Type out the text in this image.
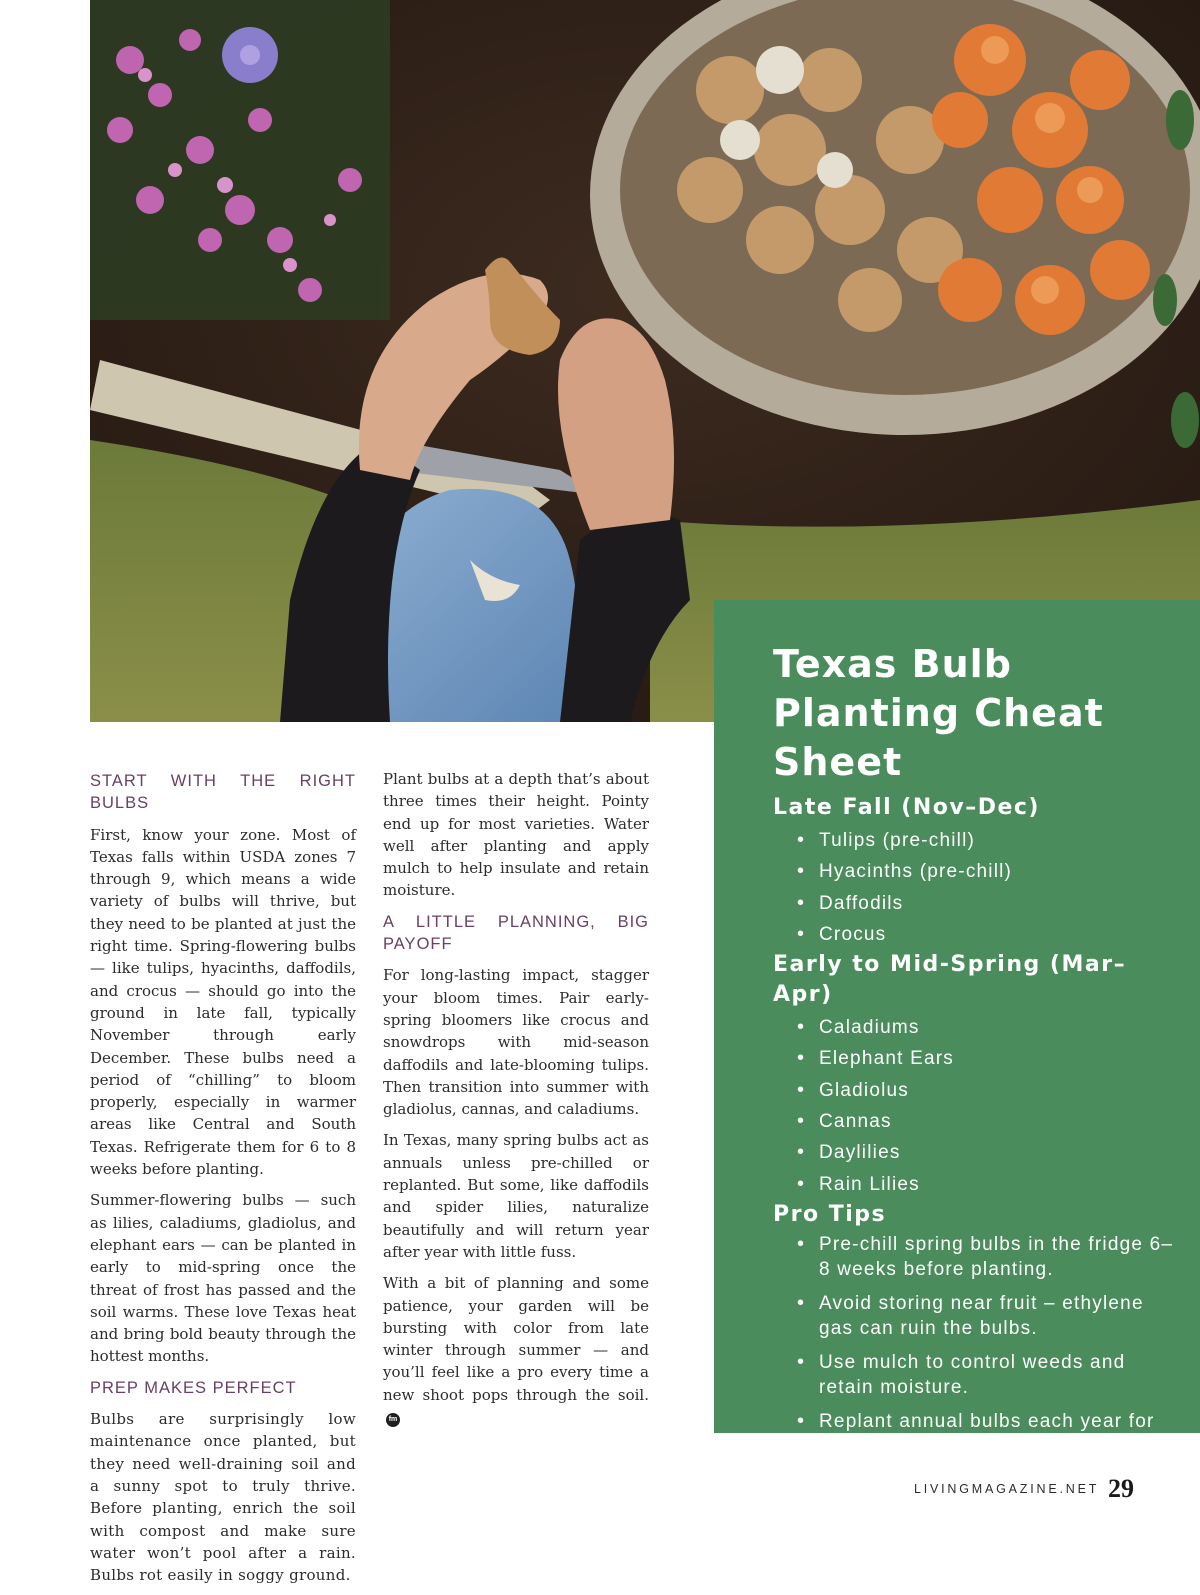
Texas Bulb Planting Cheat Sheet
Late Fall (Nov–Dec)
• Tulips (pre-chill)
• Hyacinths (pre-chill)
• Daffodils
• Crocus
Early to Mid-Spring (Mar–Apr)
• Caladiums
• Elephant Ears
• Gladiolus
• Cannas
• Daylilies
• Rain Lilies
Pro Tips
• Pre-chill spring bulbs in the fridge 6–8 weeks before planting.
• Avoid storing near fruit – ethylene gas can ruin the bulbs.
• Use mulch to control weeds and retain moisture.
• Replant annual bulbs each year for best blooms.
START WITH THE RIGHT BULBS

First, know your zone. Most of Texas falls within USDA zones 7 through 9, which means a wide variety of bulbs will thrive, but they need to be planted at just the right time. Spring-flowering bulbs — like tulips, hyacinths, daffodils, and crocus — should go into the ground in late fall, typically November through early December. These bulbs need a period of “chilling” to bloom properly, especially in warmer areas like Central and South Texas. Refrigerate them for 6 to 8 weeks before planting.

Summer-flowering bulbs — such as lilies, caladiums, gladiolus, and elephant ears — can be planted in early to mid-spring once the threat of frost has passed and the soil warms. These love Texas heat and bring bold beauty through the hottest months.

PREP MAKES PERFECT

Bulbs are surprisingly low maintenance once planted, but they need well-draining soil and a sunny spot to truly thrive. Before planting, enrich the soil with compost and make sure water won’t pool after a rain. Bulbs rot easily in soggy ground.

Plant bulbs at a depth that’s about three times their height. Pointy end up for most varieties. Water well after planting and apply mulch to help insulate and retain moisture.

A LITTLE PLANNING, BIG PAYOFF

For long-lasting impact, stagger your bloom times. Pair early-spring bloomers like crocus and snowdrops with mid-season daffodils and late-blooming tulips. Then transition into summer with gladiolus, cannas, and caladiums.

In Texas, many spring bulbs act as annuals unless pre-chilled or replanted. But some, like daffodils and spider lilies, naturalize beautifully and will return year after year with little fuss.

With a bit of planning and some patience, your garden will be bursting with color from late winter through summer — and you’ll feel like a pro every time a new shoot pops through the soil.fm

LIVINGMAGAZINE.NET 29
